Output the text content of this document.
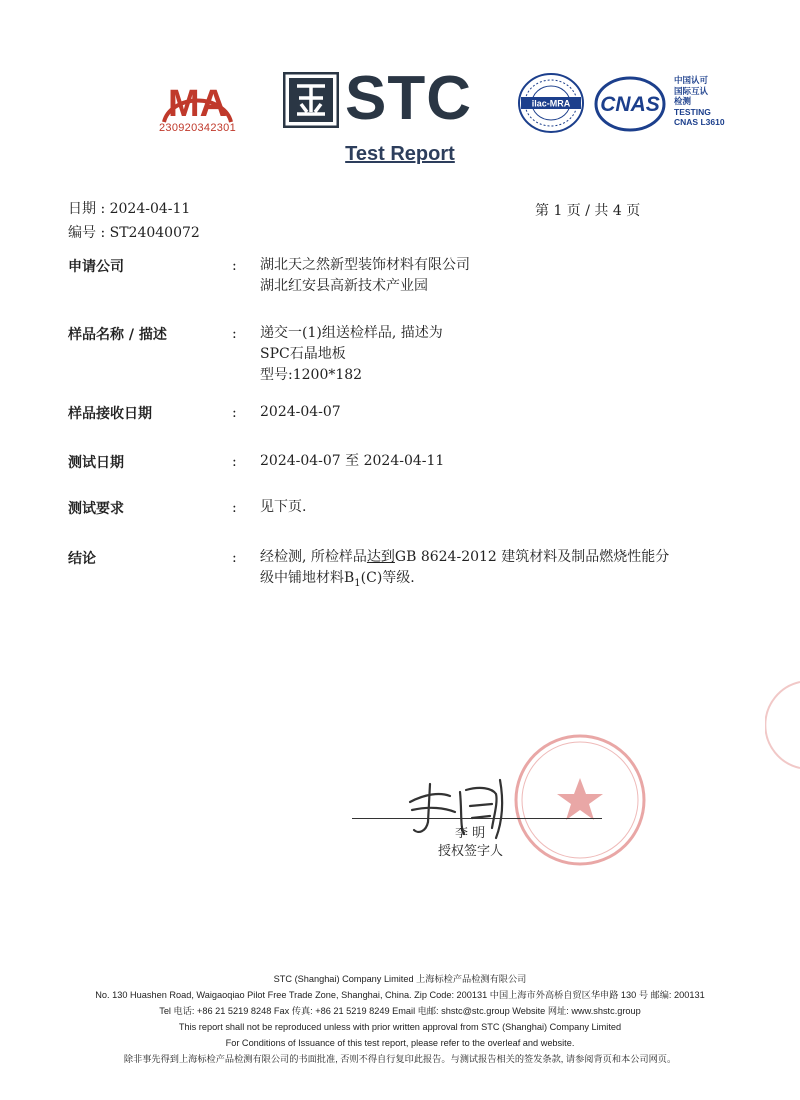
MA
230920342301 STC	ilac-MRA CNAS
中国认可
国际互认
检测
TESTING
CNAS L3610
Test Report
日期 : 2024-04-11
编号 : ST24040072
第 1 页 / 共 4 页
申请公司	: 湖北天之然新型装饰材料有限公司
湖北红安县高新技术产业园
样品名称 / 描述	: 递交一(1)组送检样品, 描述为
SPC石晶地板
型号:1200*182
样品接收日期	: 2024-04-07
测试日期	: 2024-04-07 至 2024-04-11
测试要求	: 见下页.
结论	: 经检测, 所检样品达到GB 8624-2012 建筑材料及制品燃烧性能分
级中铺地材料$B_1(C)$等级.
李 明
授权签字人
STC (Shanghai) Company Limited 上海标检产品检测有限公司
No. 130 Huashen Road, Waigaoqiao Pilot Free Trade Zone, Shanghai, China. Zip Code: 200131 中国上海市外高桥自贸区华申路 130 号 邮编: 200131
Tel 电话: +86 21 5219 8248 Fax 传真: +86 21 5219 8249 Email 电邮: shstc@stc.group Website 网址: www.shstc.group
This report shall not be reproduced unless with prior written approval from STC (Shanghai) Company Limited
For Conditions of Issuance of this test report, please refer to the overleaf and website.
除非事先得到上海标检产品检测有限公司的书面批准, 否则不得自行复印此报告。与测试报告相关的签发条款, 请参阅背页和本公司网页。
